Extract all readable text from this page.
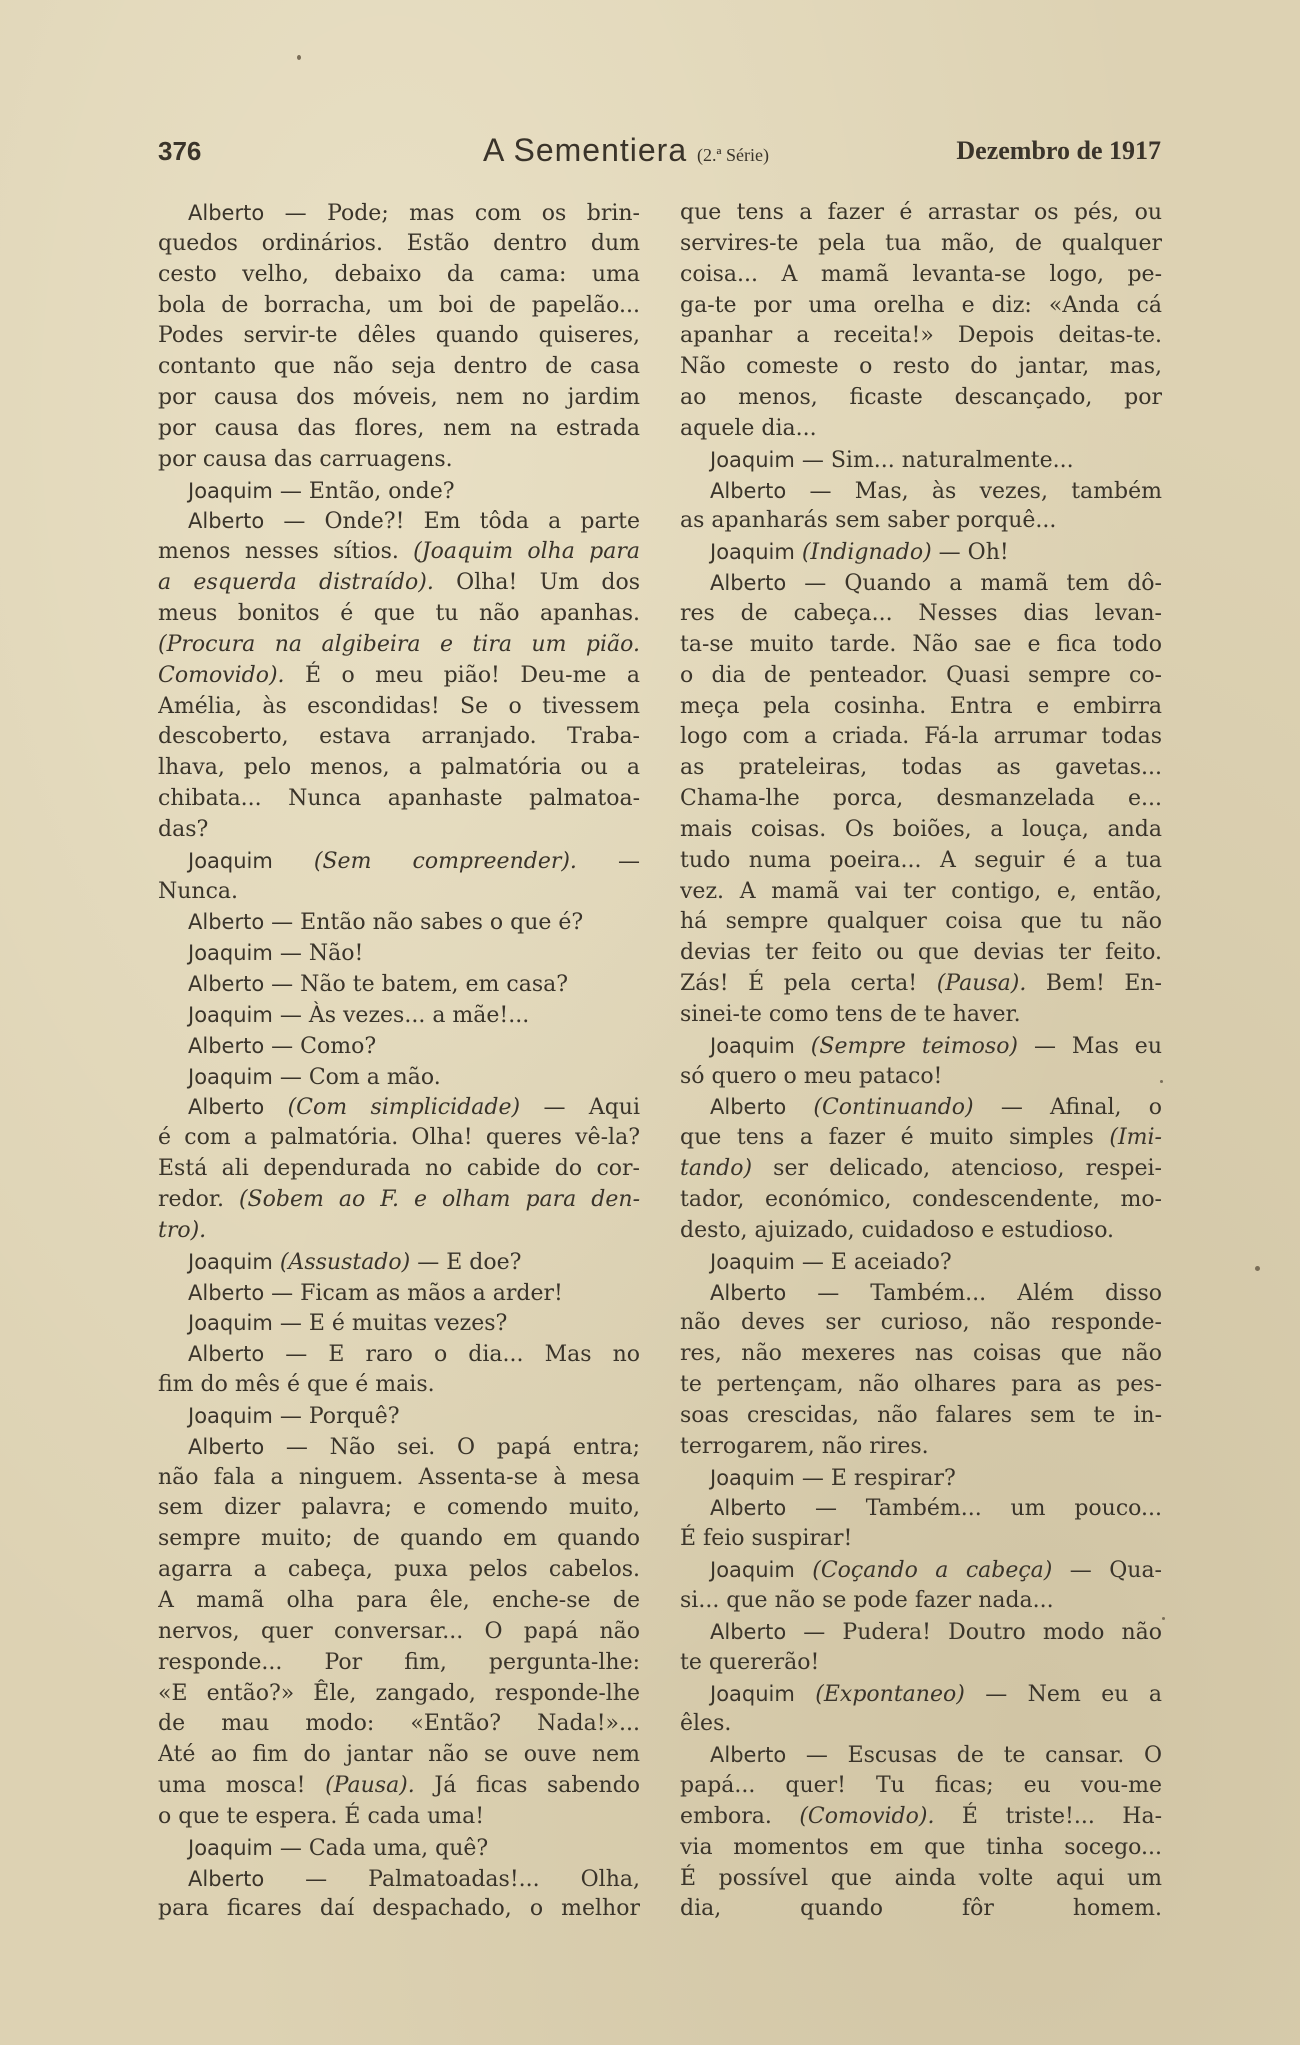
376	A Sementiera (2.ª Série)	Dezembro de 1917
Alberto — Pode; mas com os brin-
quedos ordinários. Estão dentro dum
cesto velho, debaixo da cama: uma
bola de borracha, um boi de papelão...
Podes servir-te dêles quando quiseres,
contanto que não seja dentro de casa
por causa dos móveis, nem no jardim
por causa das flores, nem na estrada
por causa das carruagens.
Joaquim — Então, onde?
Alberto — Onde?! Em tôda a parte
menos nesses sítios. (Joaquim olha para
a esquerda distraído). Olha! Um dos
meus bonitos é que tu não apanhas.
(Procura na algibeira e tira um pião.
Comovido). É o meu pião! Deu-me a
Amélia, às escondidas! Se o tivessem
descoberto, estava arranjado. Traba-
lhava, pelo menos, a palmatória ou a
chibata... Nunca apanhaste palmatoa-
das?
Joaquim (Sem compreender). —
Nunca.
Alberto — Então não sabes o que é?
Joaquim — Não!
Alberto — Não te batem, em casa?
Joaquim — Às vezes... a mãe!...
Alberto — Como?
Joaquim — Com a mão.
Alberto (Com simplicidade) — Aqui
é com a palmatória. Olha! queres vê-la?
Está ali dependurada no cabide do cor-
redor. (Sobem ao F. e olham para den-
tro).
Joaquim (Assustado) — E doe?
Alberto — Ficam as mãos a arder!
Joaquim — E é muitas vezes?
Alberto — E raro o dia... Mas no
fim do mês é que é mais.
Joaquim — Porquê?
Alberto — Não sei. O papá entra;
não fala a ninguem. Assenta-se à mesa
sem dizer palavra; e comendo muito,
sempre muito; de quando em quando
agarra a cabeça, puxa pelos cabelos.
A mamã olha para êle, enche-se de
nervos, quer conversar... O papá não
responde... Por fim, pergunta-lhe:
«E então?» Êle, zangado, responde-lhe
de mau modo: «Então? Nada!»...
Até ao fim do jantar não se ouve nem
uma mosca! (Pausa). Já ficas sabendo
o que te espera. É cada uma!
Joaquim — Cada uma, quê?
Alberto — Palmatoadas!... Olha,
para ficares daí despachado, o melhor
que tens a fazer é arrastar os pés, ou
servires-te pela tua mão, de qualquer
coisa... A mamã levanta-se logo, pe-
ga-te por uma orelha e diz: «Anda cá
apanhar a receita!» Depois deitas-te.
Não comeste o resto do jantar, mas,
ao menos, ficaste descançado, por
aquele dia...
Joaquim — Sim... naturalmente...
Alberto — Mas, às vezes, também
as apanharás sem saber porquê...
Joaquim (Indignado) — Oh!
Alberto — Quando a mamã tem dô-
res de cabeça... Nesses dias levan-
ta-se muito tarde. Não sae e fica todo
o dia de penteador. Quasi sempre co-
meça pela cosinha. Entra e embirra
logo com a criada. Fá-la arrumar todas
as prateleiras, todas as gavetas...
Chama-lhe porca, desmanzelada e...
mais coisas. Os boiões, a louça, anda
tudo numa poeira... A seguir é a tua
vez. A mamã vai ter contigo, e, então,
há sempre qualquer coisa que tu não
devias ter feito ou que devias ter feito.
Zás! É pela certa! (Pausa). Bem! En-
sinei-te como tens de te haver.
Joaquim (Sempre teimoso) — Mas eu
só quero o meu pataco!
Alberto (Continuando) — Afinal, o
que tens a fazer é muito simples (Imi-
tando) ser delicado, atencioso, respei-
tador, económico, condescendente, mo-
desto, ajuizado, cuidadoso e estudioso.
Joaquim — E aceiado?
Alberto — Também... Além disso
não deves ser curioso, não responde-
res, não mexeres nas coisas que não
te pertençam, não olhares para as pes-
soas crescidas, não falares sem te in-
terrogarem, não rires.
Joaquim — E respirar?
Alberto — Também... um pouco...
É feio suspirar!
Joaquim (Coçando a cabeça) — Qua-
si... que não se pode fazer nada...
Alberto — Pudera! Doutro modo não
te quererão!
Joaquim (Expontaneo) — Nem eu a
êles.
Alberto — Escusas de te cansar. O
papá... quer! Tu ficas; eu vou-me
embora. (Comovido). É triste!... Ha-
via momentos em que tinha socego...
É possível que ainda volte aqui um
dia, quando fôr homem.
